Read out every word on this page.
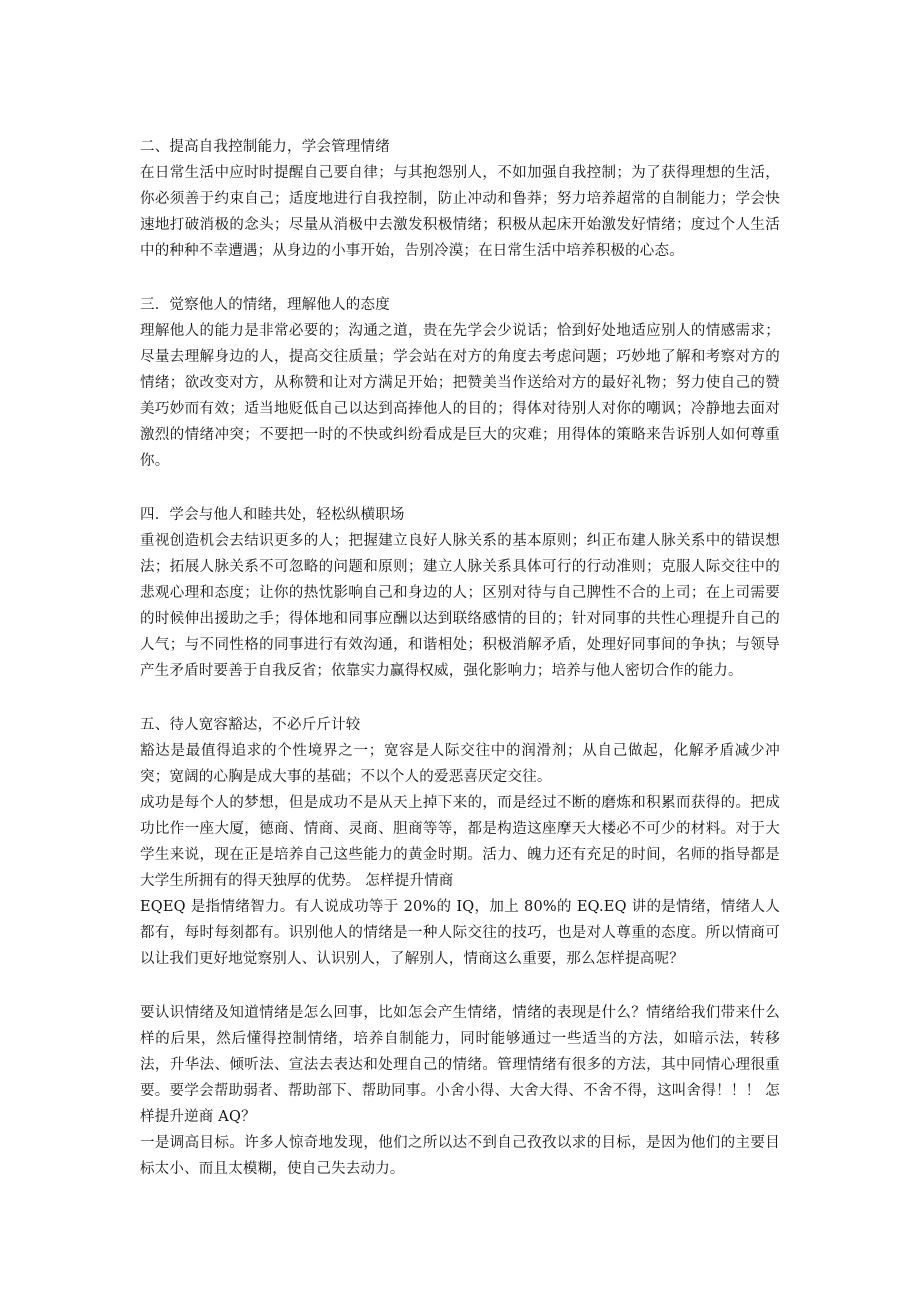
二、提高自我控制能力，学会管理情绪

在日常生活中应时时提醒自己要自律；与其抱怨别人，不如加强自我控制；为了获得理想的生活，你必须善于约束自己；适度地进行自我控制，防止冲动和鲁莽；努力培养超常的自制能力；学会快速地打破消极的念头；尽量从消极中去激发积极情绪；积极从起床开始激发好情绪；度过个人生活中的种种不幸遭遇；从身边的小事开始，告别冷漠；在日常生活中培养积极的心态。

三．觉察他人的情绪，理解他人的态度

理解他人的能力是非常必要的；沟通之道，贵在先学会少说话；恰到好处地适应别人的情感需求；尽量去理解身边的人，提高交往质量；学会站在对方的角度去考虑问题；巧妙地了解和考察对方的情绪；欲改变对方，从称赞和让对方满足开始；把赞美当作送给对方的最好礼物；努力使自己的赞美巧妙而有效；适当地贬低自己以达到高捧他人的目的；得体对待别人对你的嘲讽；冷静地去面对激烈的情绪冲突；不要把一时的不快或纠纷看成是巨大的灾难；用得体的策略来告诉别人如何尊重你。

四．学会与他人和睦共处，轻松纵横职场

重视创造机会去结识更多的人；把握建立良好人脉关系的基本原则；纠正布建人脉关系中的错误想法；拓展人脉关系不可忽略的问题和原则；建立人脉关系具体可行的行动准则；克服人际交往中的悲观心理和态度；让你的热忱影响自己和身边的人；区别对待与自己脾性不合的上司；在上司需要的时候伸出援助之手；得体地和同事应酬以达到联络感情的目的；针对同事的共性心理提升自己的人气；与不同性格的同事进行有效沟通，和谐相处；积极消解矛盾，处理好同事间的争执；与领导产生矛盾时要善于自我反省；依靠实力赢得权威，强化影响力；培养与他人密切合作的能力。

五、待人宽容豁达，不必斤斤计较

豁达是最值得追求的个性境界之一；宽容是人际交往中的润滑剂；从自己做起，化解矛盾减少冲突；宽阔的心胸是成大事的基础；不以个人的爱恶喜厌定交往。

成功是每个人的梦想，但是成功不是从天上掉下来的，而是经过不断的磨炼和积累而获得的。把成功比作一座大厦，德商、情商、灵商、胆商等等，都是构造这座摩天大楼必不可少的材料。对于大学生来说，现在正是培养自己这些能力的黄金时期。活力、魄力还有充足的时间，名师的指导都是大学生所拥有的得天独厚的优势。 怎样提升情商

EQEQ 是指情绪智力。有人说成功等于 20%的 IQ，加上 80%的 EQ.EQ 讲的是情绪，情绪人人都有，每时每刻都有。识别他人的情绪是一种人际交往的技巧，也是对人尊重的态度。所以情商可以让我们更好地觉察别人、认识别人，了解别人，情商这么重要，那么怎样提高呢？

要认识情绪及知道情绪是怎么回事，比如怎会产生情绪，情绪的表现是什么？情绪给我们带来什么样的后果，然后懂得控制情绪，培养自制能力，同时能够通过一些适当的方法，如暗示法，转移法，升华法、倾听法、宣法去表达和处理自己的情绪。管理情绪有很多的方法，其中同情心理很重要。要学会帮助弱者、帮助部下、帮助同事。小舍小得、大舍大得、不舍不得，这叫舍得！！！ 怎样提升逆商 AQ？

一是调高目标。许多人惊奇地发现，他们之所以达不到自己孜孜以求的目标，是因为他们的主要目标太小、而且太模糊，使自己失去动力。
